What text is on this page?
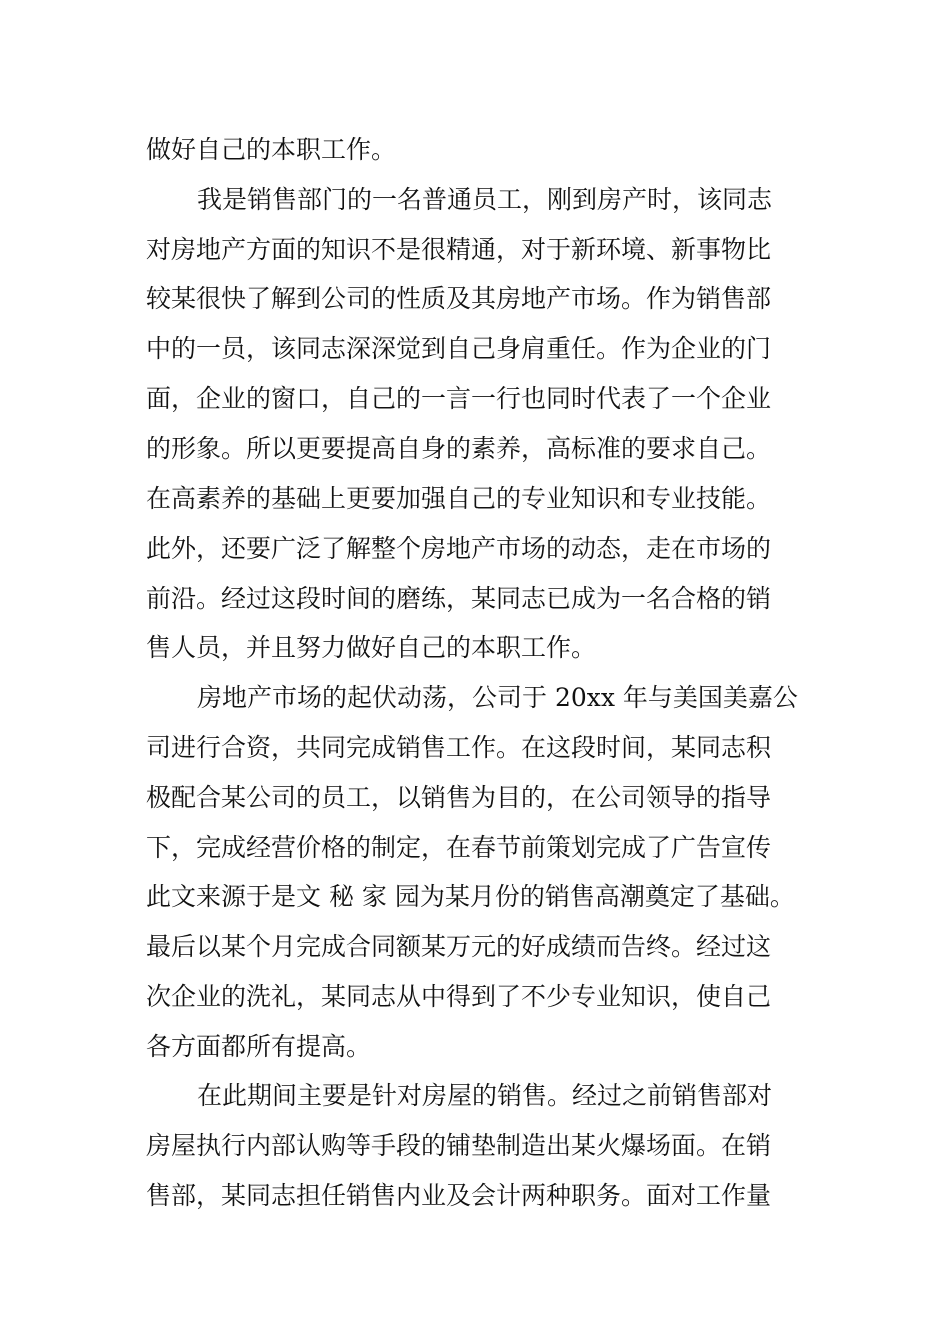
做好自己的本职工作。
我是销售部门的一名普通员工，刚到房产时，该同志
对房地产方面的知识不是很精通，对于新环境、新事物比
较某很快了解到公司的性质及其房地产市场。作为销售部
中的一员，该同志深深觉到自己身肩重任。作为企业的门
面，企业的窗口，自己的一言一行也同时代表了一个企业
的形象。所以更要提高自身的素养，高标准的要求自己。
在高素养的基础上更要加强自己的专业知识和专业技能。
此外，还要广泛了解整个房地产市场的动态，走在市场的
前沿。经过这段时间的磨练，某同志已成为一名合格的销
售人员，并且努力做好自己的本职工作。
房地产市场的起伏动荡，公司于 20xx 年与美国美嘉公
司进行合资，共同完成销售工作。在这段时间，某同志积
极配合某公司的员工，以销售为目的，在公司领导的指导
下，完成经营价格的制定，在春节前策划完成了广告宣传
此文来源于是文 秘 家 园为某月份的销售高潮奠定了基础。
最后以某个月完成合同额某万元的好成绩而告终。经过这
次企业的洗礼，某同志从中得到了不少专业知识，使自己
各方面都所有提高。
在此期间主要是针对房屋的销售。经过之前销售部对
房屋执行内部认购等手段的铺垫制造出某火爆场面。在销
售部，某同志担任销售内业及会计两种职务。面对工作量
